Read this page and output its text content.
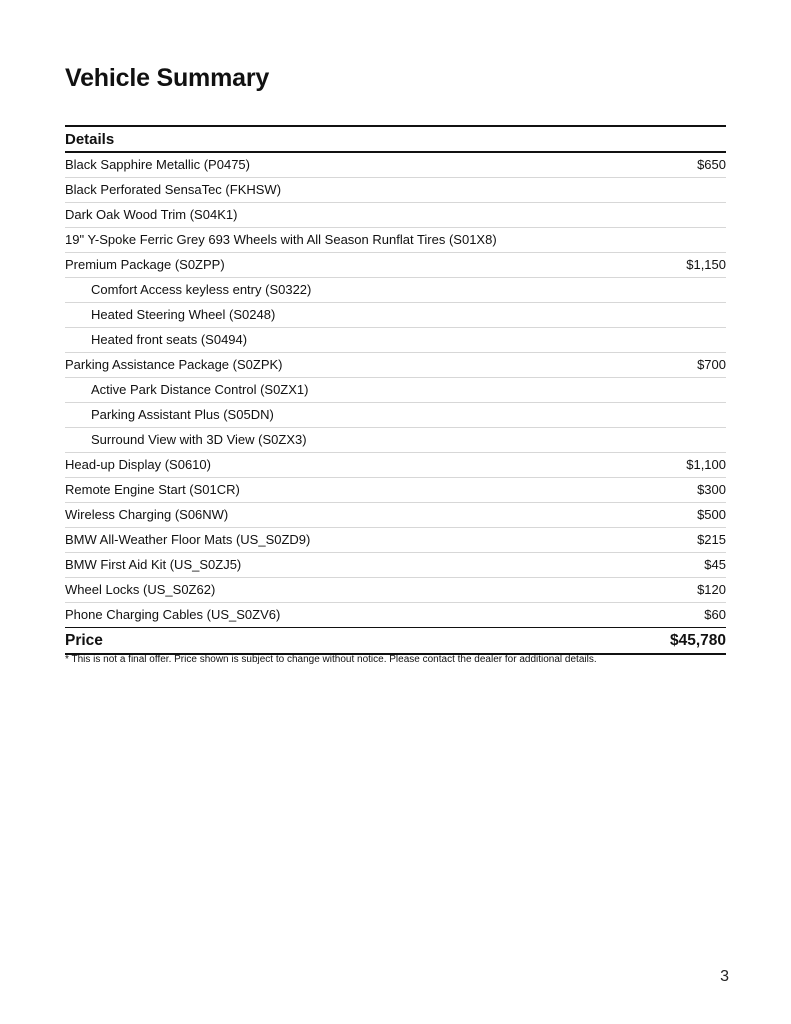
Vehicle Summary
Details	
Black Sapphire Metallic (P0475)	$650
Black Perforated SensaTec (FKHSW)	
Dark Oak Wood Trim (S04K1)	
19" Y-Spoke Ferric Grey 693 Wheels with All Season Runflat Tires (S01X8)	
Premium Package (S0ZPP)	$1,150
Comfort Access keyless entry (S0322)	
Heated Steering Wheel (S0248)	
Heated front seats (S0494)	
Parking Assistance Package (S0ZPK)	$700
Active Park Distance Control (S0ZX1)	
Parking Assistant Plus (S05DN)	
Surround View with 3D View (S0ZX3)	
Head-up Display (S0610)	$1,100
Remote Engine Start (S01CR)	$300
Wireless Charging (S06NW)	$500
BMW All-Weather Floor Mats (US_S0ZD9)	$215
BMW First Aid Kit (US_S0ZJ5)	$45
Wheel Locks (US_S0Z62)	$120
Phone Charging Cables (US_S0ZV6)	$60
Price	$45,780
* This is not a final offer. Price shown is subject to change without notice. Please contact the dealer for additional details.
3
